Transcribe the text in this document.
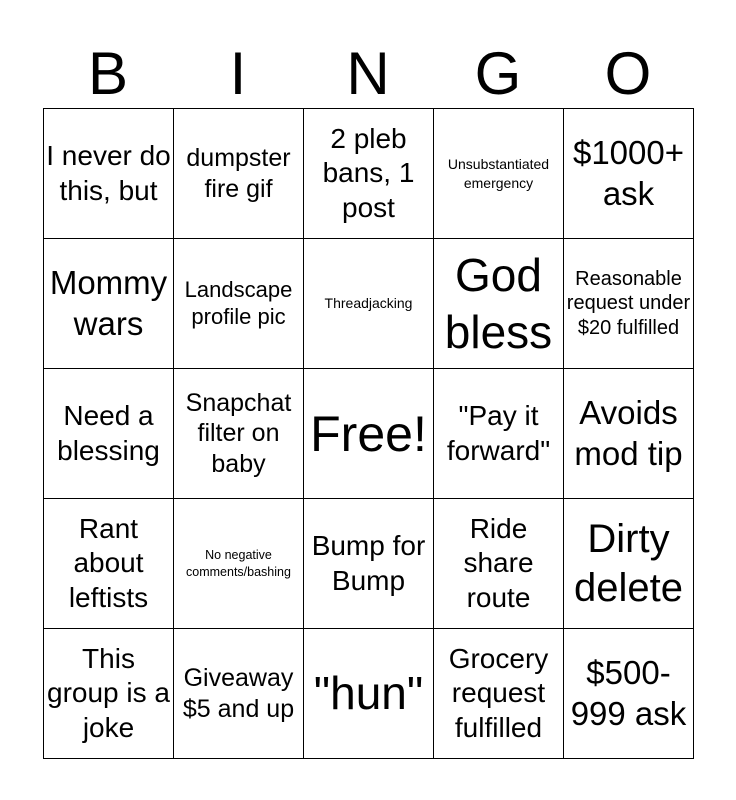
B	I	N	G	O
I never do this, but	dumpster fire gif	2 pleb bans, 1 post	Unsubstantiated emergency	$1000+ ask
Mommy wars	Landscape profile pic	Threadjacking	God bless	Reasonable request under $20 fulfilled
Need a blessing	Snapchat filter on baby	Free!	"Pay it forward"	Avoids mod tip
Rant about leftists	No negative comments/bashing	Bump for Bump	Ride share route	Dirty delete
This group is a joke	Giveaway $5 and up	"hun"	Grocery request fulfilled	$500-999 ask
